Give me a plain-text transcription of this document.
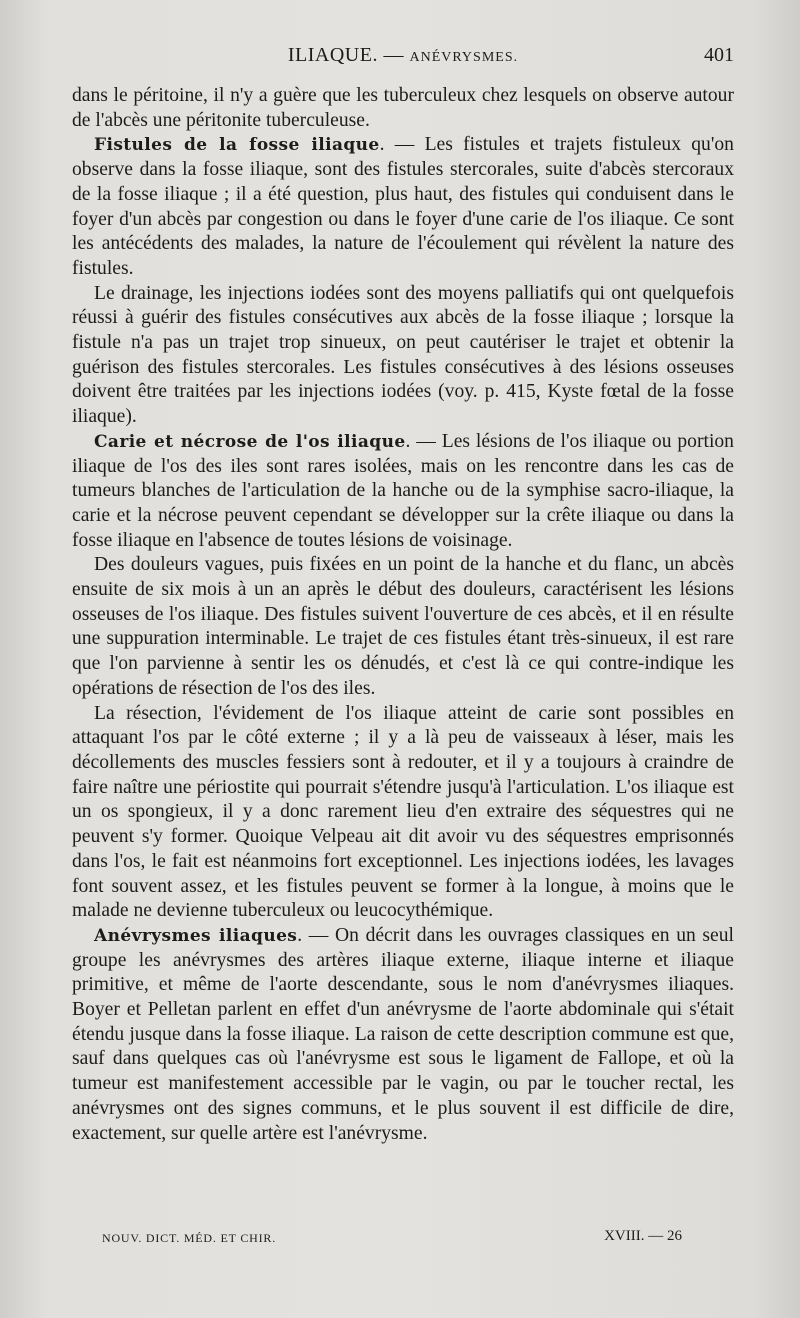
ILIAQUE. — ANÉVRYSMES.	401

dans le péritoine, il n'y a guère que les tuberculeux chez lesquels on observe autour de l'abcès une péritonite tuberculeuse.

Fistules de la fosse iliaque. — Les fistules et trajets fistuleux qu'on observe dans la fosse iliaque, sont des fistules stercorales, suite d'abcès stercoraux de la fosse iliaque ; il a été question, plus haut, des fistules qui conduisent dans le foyer d'un abcès par congestion ou dans le foyer d'une carie de l'os iliaque. Ce sont les antécédents des malades, la nature de l'écoulement qui révèlent la nature des fistules.

Le drainage, les injections iodées sont des moyens palliatifs qui ont quelquefois réussi à guérir des fistules consécutives aux abcès de la fosse iliaque ; lorsque la fistule n'a pas un trajet trop sinueux, on peut cautériser le trajet et obtenir la guérison des fistules stercorales. Les fistules consécutives à des lésions osseuses doivent être traitées par les injections iodées (voy. p. 415, Kyste fœtal de la fosse iliaque).

Carie et nécrose de l'os iliaque. — Les lésions de l'os iliaque ou portion iliaque de l'os des iles sont rares isolées, mais on les rencontre dans les cas de tumeurs blanches de l'articulation de la hanche ou de la symphise sacro-iliaque, la carie et la nécrose peuvent cependant se développer sur la crête iliaque ou dans la fosse iliaque en l'absence de toutes lésions de voisinage.

Des douleurs vagues, puis fixées en un point de la hanche et du flanc, un abcès ensuite de six mois à un an après le début des douleurs, caractérisent les lésions osseuses de l'os iliaque. Des fistules suivent l'ouverture de ces abcès, et il en résulte une suppuration interminable. Le trajet de ces fistules étant très-sinueux, il est rare que l'on parvienne à sentir les os dénudés, et c'est là ce qui contre-indique les opérations de résection de l'os des iles.

La résection, l'évidement de l'os iliaque atteint de carie sont possibles en attaquant l'os par le côté externe ; il y a là peu de vaisseaux à léser, mais les décollements des muscles fessiers sont à redouter, et il y a toujours à craindre de faire naître une périostite qui pourrait s'étendre jusqu'à l'articulation. L'os iliaque est un os spongieux, il y a donc rarement lieu d'en extraire des séquestres qui ne peuvent s'y former. Quoique Velpeau ait dit avoir vu des séquestres emprisonnés dans l'os, le fait est néanmoins fort exceptionnel. Les injections iodées, les lavages font souvent assez, et les fistules peuvent se former à la longue, à moins que le malade ne devienne tuberculeux ou leucocythémique.

Anévrysmes iliaques. — On décrit dans les ouvrages classiques en un seul groupe les anévrysmes des artères iliaque externe, iliaque interne et iliaque primitive, et même de l'aorte descendante, sous le nom d'anévrysmes iliaques. Boyer et Pelletan parlent en effet d'un anévrysme de l'aorte abdominale qui s'était étendu jusque dans la fosse iliaque. La raison de cette description commune est que, sauf dans quelques cas où l'anévrysme est sous le ligament de Fallope, et où la tumeur est manifestement accessible par le vagin, ou par le toucher rectal, les anévrysmes ont des signes communs, et le plus souvent il est difficile de dire, exactement, sur quelle artère est l'anévrysme.

NOUV. DICT. MÉD. ET CHIR.	XVIII. — 26
